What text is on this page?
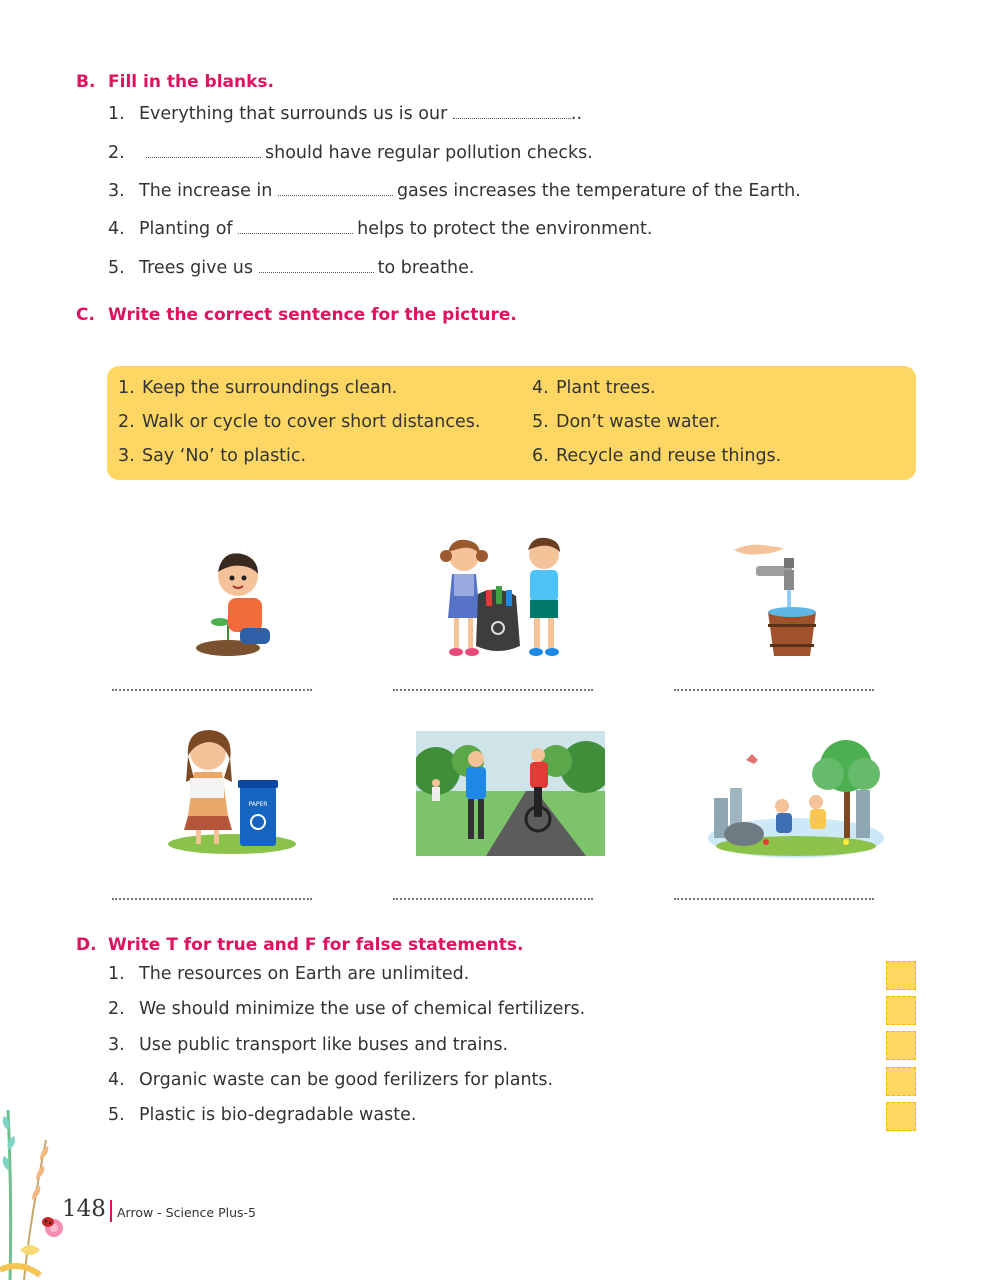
B. Fill in the blanks.
1. Everything that surrounds us is our	..
2.	should have regular pollution checks.
3. The increase in	gases increases the temperature of the Earth.
4. Planting of	helps to protect the environment.
5. Trees give us	to breathe.
C. Write the correct sentence for the picture.
1. Keep the surroundings clean.
2. Walk or cycle to cover short distances.
3. Say ‘No’ to plastic.
4. Plant trees.
5. Don’t waste water.
6. Recycle and reuse things.
PAPER
D. Write T for true and F for false statements.
1. The resources on Earth are unlimited.
2. We should minimize the use of chemical fertilizers.
3. Use public transport like buses and trains.
4. Organic waste can be good ferilizers for plants.
5. Plastic is bio-degradable waste.
148 Arrow - Science Plus-5
